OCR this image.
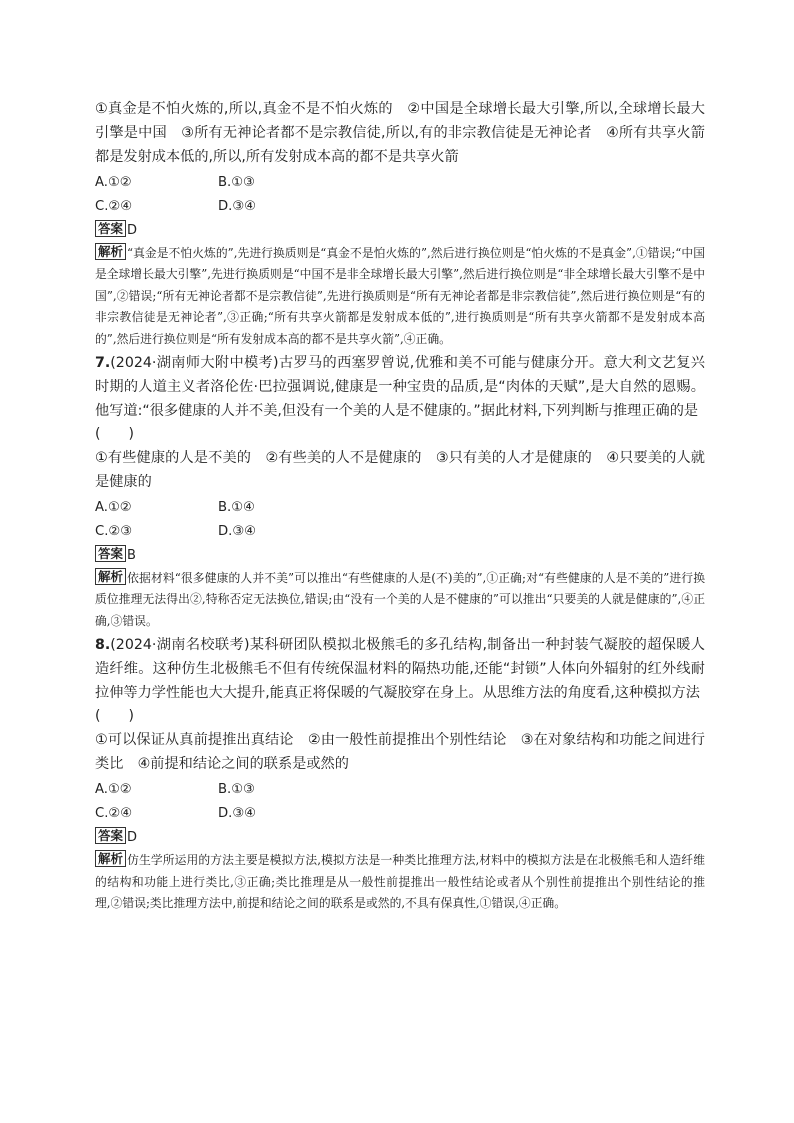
①真金是不怕火炼的,所以,真金不是不怕火炼的　②中国是全球增长最大引擎,所以,全球增长最大引擎是中国　③所有无神论者都不是宗教信徒,所以,有的非宗教信徒是无神论者　④所有共享火箭都是发射成本低的,所以,所有发射成本高的都不是共享火箭

A.①②	B.①③
C.②④	D.③④
答案 D

解析 “真金是不怕火炼的”,先进行换质则是“真金不是怕火炼的”,然后进行换位则是“怕火炼的不是真金”,①错误;“中国是全球增长最大引擎”,先进行换质则是“中国不是非全球增长最大引擎”,然后进行换位则是“非全球增长最大引擎不是中国”,②错误;“所有无神论者都不是宗教信徒”,先进行换质则是“所有无神论者都是非宗教信徒”,然后进行换位则是“有的非宗教信徒是无神论者”,③正确;“所有共享火箭都是发射成本低的”,进行换质则是“所有共享火箭都不是发射成本高的”,然后进行换位则是“所有发射成本高的都不是共享火箭”,④正确。

7.(2024·湖南师大附中模考)古罗马的西塞罗曾说,优雅和美不可能与健康分开。意大利文艺复兴时期的人道主义者洛伦佐·巴拉强调说,健康是一种宝贵的品质,是“肉体的天赋”,是大自然的恩赐。他写道:“很多健康的人并不美,但没有一个美的人是不健康的。”据此材料,下列判断与推理正确的是

(　　)

①有些健康的人是不美的　②有些美的人不是健康的　③只有美的人才是健康的　④只要美的人就是健康的

A.①②	B.①④
C.②③	D.③④
答案 B

解析 依据材料“很多健康的人并不美”可以推出“有些健康的人是(不)美的”,①正确;对“有些健康的人是不美的”进行换质位推理无法得出②,特称否定无法换位,错误;由“没有一个美的人是不健康的”可以推出“只要美的人就是健康的”,④正确,③错误。

8.(2024·湖南名校联考)某科研团队模拟北极熊毛的多孔结构,制备出一种封装气凝胶的超保暖人造纤维。这种仿生北极熊毛不但有传统保温材料的隔热功能,还能“封锁”人体向外辐射的红外线耐拉伸等力学性能也大大提升,能真正将保暖的气凝胶穿在身上。从思维方法的角度看,这种模拟方法

(　　)

①可以保证从真前提推出真结论　②由一般性前提推出个别性结论　③在对象结构和功能之间进行类比　④前提和结论之间的联系是或然的

A.①②	B.①③
C.②④	D.③④
答案 D

解析 仿生学所运用的方法主要是模拟方法,模拟方法是一种类比推理方法,材料中的模拟方法是在北极熊毛和人造纤维的结构和功能上进行类比,③正确;类比推理是从一般性前提推出一般性结论或者从个别性前提推出个别性结论的推理,②错误;类比推理方法中,前提和结论之间的联系是或然的,不具有保真性,①错误,④正确。
